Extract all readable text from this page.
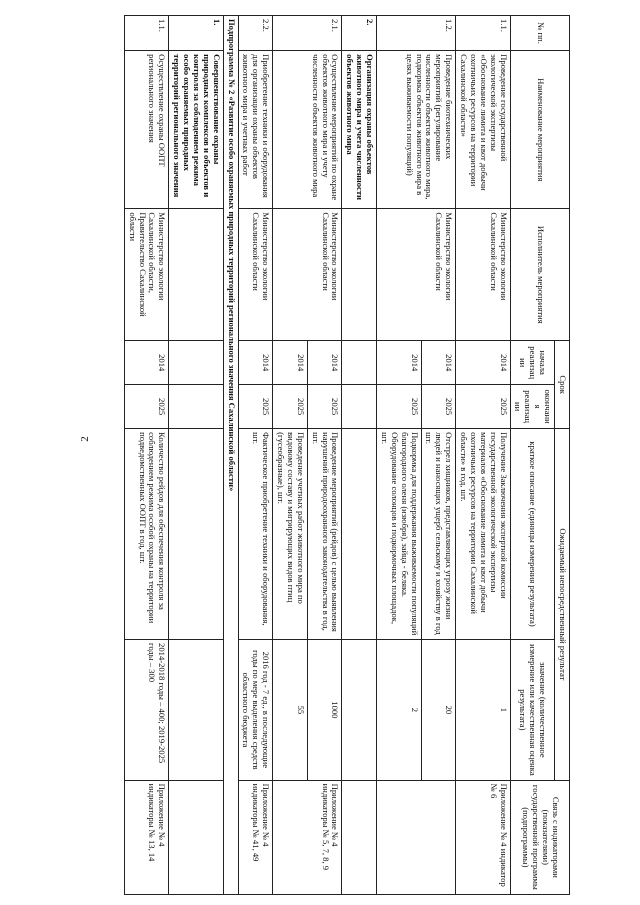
2
№ пп.	Наименование мероприятия	Исполнитель мероприятия	Срок		Ожидаемый непосредственный результат		Связь с индикаторами (показателями) государственной программы (подпрограммы)
			начала реализации	окончания реализации	краткое описание (единицы измерения результата)	значение (количественное измерение или качественная оценка результата)	

1.1.	Проведение государственной экологической экспертизы «Обоснование лимита и квот добычи охотничьих ресурсов на территории Сахалинской области»	Министерство экологии Сахалинской области	2014	2025	Получение Заключения экспертной комиссии государственной экологической экспертизы материалов «Обоснование лимита и квот добычи охотничьих ресурсов на территории Сахалинской области» в год, шт.	1	Приложение № 4 индикатор № 6
1.2.	Проведение биотехнических мероприятий (регулирование численности объектов животного мира, подкормка объектов животного мира в целях выживаемости популяций)	Министерство экологии Сахалинской области	2014	2025	Отстрел хищников, представляющих угрозу жизни людей и наносящих ущерб сельскому и хозяйству в год шт.	20	
			2014	2025	Подкормка для поддержания выживаемости популяций благородного оленя (изюбря), зайца - беляка. Оборудование солонцов и подкормочных площадок, шт.	2	
2.	Организация охраны объектов животного мира и учета численности объектов животного мира						
2.1.	Осуществление мероприятий по охране объектов животного мира и учету численности объектов животного мира	Министерство экологии Сахалинской области	2014	2025	Проведение мероприятий (рейдов) с целью выявления нарушений природоохранного законодательства в год, шт.	1000	Приложение № 4 индикаторы № 5, 7, 8, 9
			2014	2025	Проведение учетных работ животного мира по видовому составу и мигрирующих видов птиц (гусеобразные), шт.	55	
2.2.	Приобретение техники и оборудования для организации охраны объектов животного мира и учетных работ	Министерство экологии Сахалинской области	2014	2025	Фактическое приобретение техники и оборудования, шт.	2016 год - 7 ед., в последующие годы по мере выделения средств областного бюджета	Приложение № 4 индикаторы № 41, 49
Подпрограмма № 2 «Развитие особо охраняемых природных территорий регионального значения Сахалинской области»							
1.	Совершенствование охраны природных комплексов и объектов и контроля за соблюдением режима особо охраняемых природных территорий регионального значения						
1.1.	Осуществление охраны ООПТ регионального значения	Министерство экологии Сахалинской области, Правительство Сахалинской области	2014	2025	Количество рейдов для обеспечения контроля за соблюдением режима особой охраны на территории подведомственных ООПТ в год, шт.	2014-2018 годы – 400; 2019-2025 годы – 300	Приложение № 4 индикаторы № 13, 14
